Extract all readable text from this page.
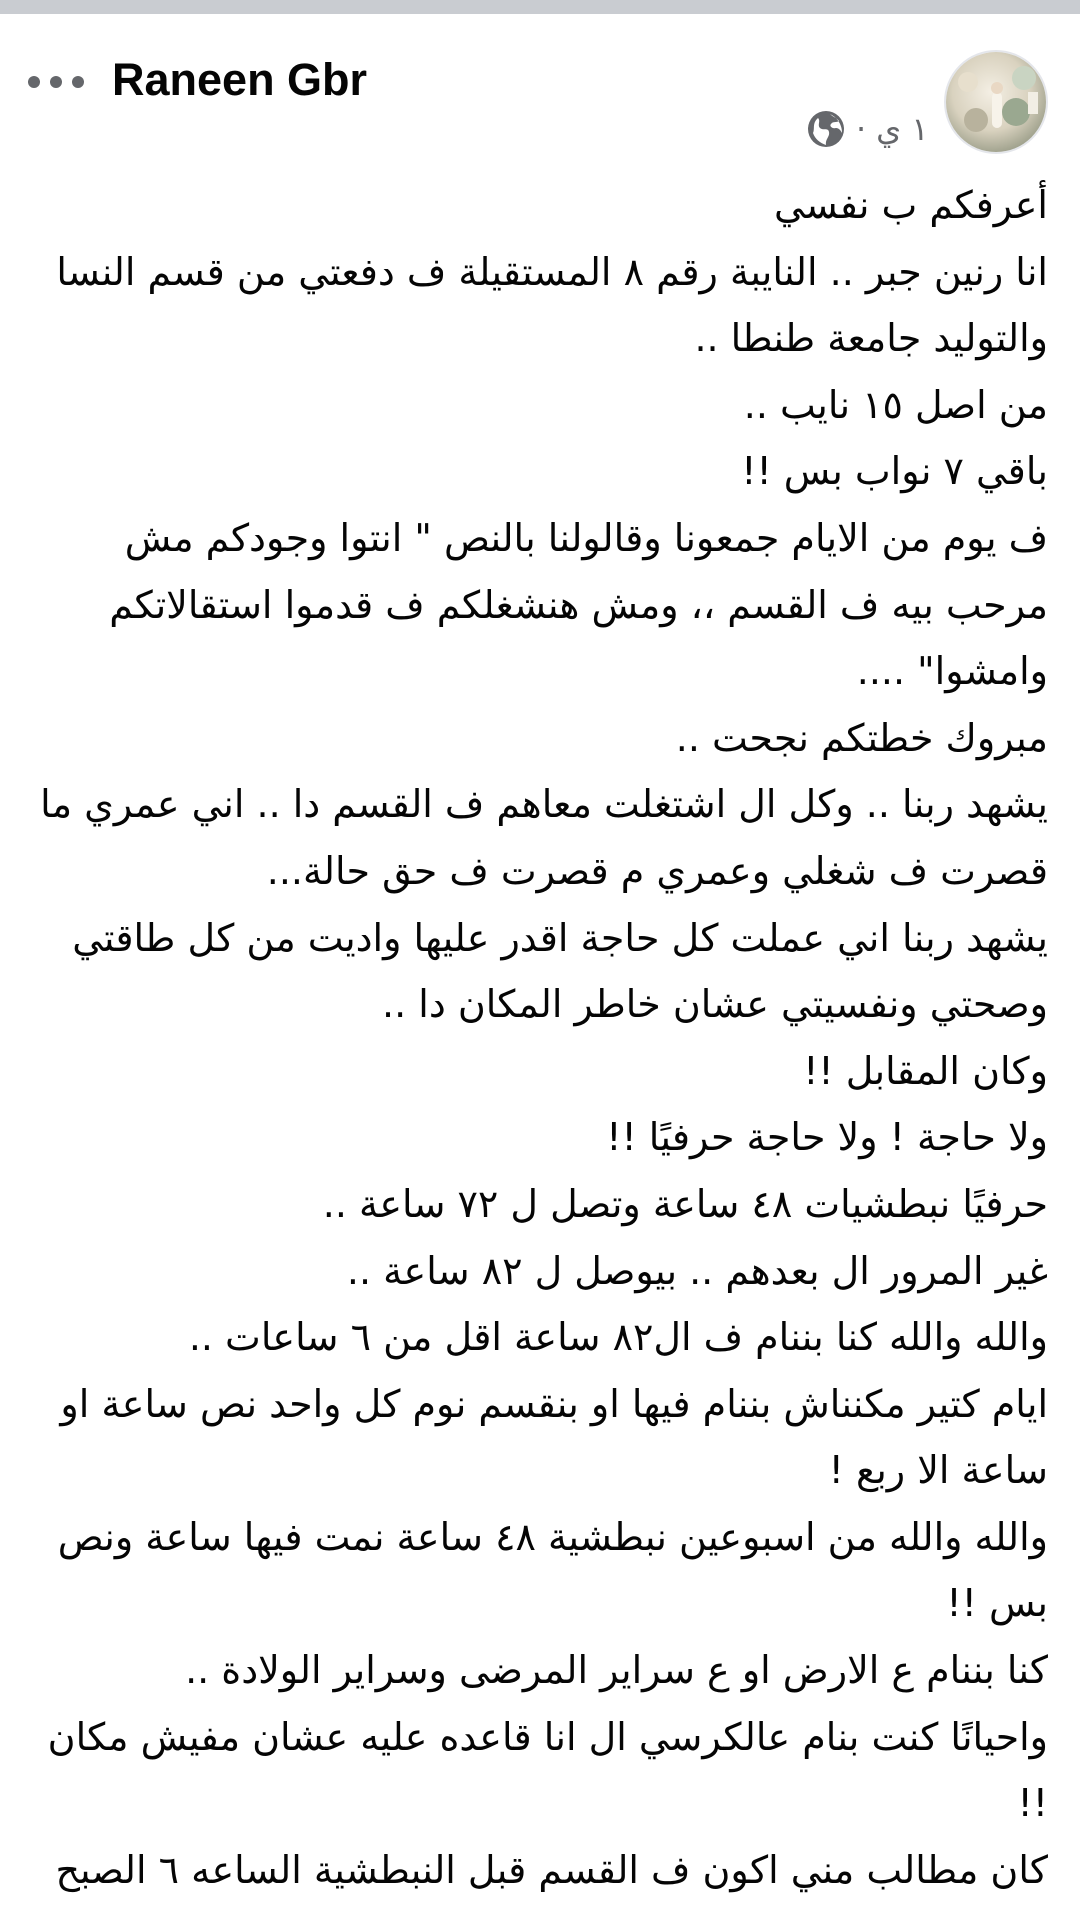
Raneen Gbr
· ١ ي
أعرفكم ب نفسي
انا رنين جبر .. النايبة رقم ٨ المستقيلة ف دفعتي من قسم النسا والتوليد جامعة طنطا ..
من اصل ١٥ نايب ..
باقي ٧ نواب بس !!
ف يوم من الايام جمعونا وقالولنا بالنص " انتوا وجودكم مش مرحب بيه ف القسم ،، ومش هنشغلكم ف قدموا استقالاتكم وامشوا" ....
مبروك خطتكم نجحت ..
يشهد ربنا .. وكل ال اشتغلت معاهم ف القسم دا .. اني عمري ما قصرت ف شغلي وعمري م قصرت ف حق حالة...
يشهد ربنا اني عملت كل حاجة اقدر عليها واديت من كل طاقتي وصحتي ونفسيتي عشان خاطر المكان دا ..
وكان المقابل !!
ولا حاجة ! ولا حاجة حرفيًا !!
حرفيًا نبطشيات ٤٨ ساعة وتصل ل ٧٢ ساعة ..
غير المرور ال بعدهم .. بيوصل ل ٨٢ ساعة ..
والله والله كنا بننام ف ال٨٢ ساعة اقل من ٦ ساعات ..
ايام كتير مكنناش بننام فيها او بنقسم نوم كل واحد نص ساعة او ساعة الا ربع !
والله والله من اسبوعين نبطشية ٤٨ ساعة نمت فيها ساعة ونص بس !!
كنا بننام ع الارض او ع سراير المرضى وسراير الولادة ..
واحيانًا كنت بنام عالكرسي ال انا قاعده عليه عشان مفيش مكان !!
كان مطالب مني اكون ف القسم قبل النبطشية الساعه ٦ الصبح
